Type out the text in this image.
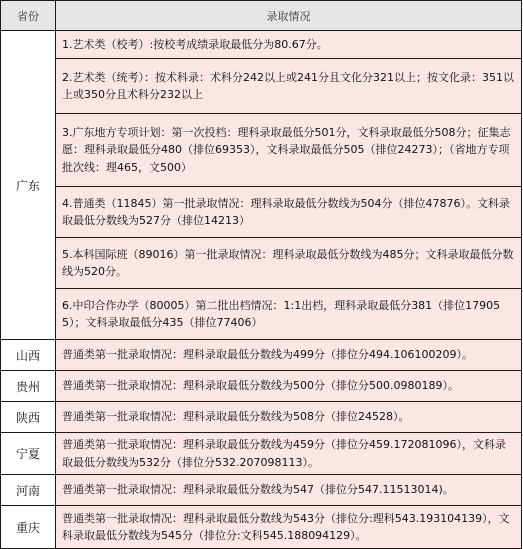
省份	录取情况
广东	1.艺术类（校考）:按校考成绩录取最低分为80.67分。
	2.艺术类（统考）：按术科录：术科分242以上或241分且文化分321以上；按文化录：351以上或350分且术科分232以上
	3.广东地方专项计划：第一次投档：理科录取最低分501分，文科录取最低分508分；征集志愿：理科录取最低分480（排位69353），文科录取最低分505（排位24273）；（省地方专项批次线：理465，文500）
	4.普通类（11845）第一批录取情况：理科录取最低分数线为504分（排位47876）。文科录取最低分数线为527分（排位14213）
	5.本科国际班（89016）第一批录取情况：理科录取最低分数线为485分；文科录取最低分数线为520分。
	6.中印合作办学（80005）第二批出档情况：1:1出档，理科录取最低分381（排位179055）；文科录取最低分435（排位77406）
山西	普通类第一批录取情况：理科录取最低分数线为499分（排位分494.106100209）。
贵州	普通类第一批录取情况：理科录取最低分数线为500分（排位分500.0980189）。
陕西	普通类第一批录取情况：理科录取最低分数线为508分（排位24528）。
宁夏	普通类第一批录取情况：理科录取最低分数线为459分（排位分459.172081096），文科录取最低分数线为532分（排位分532.207098113）。
河南	普通类第一批录取情况：理科录取最低分数线为547（排位分547.11513014)。
重庆	普通类第一批录取情况：理科录取最低分数线为543分（排位分:理科543.193104139），文科录取最低分数线为545分（排位分:文科545.188094129）。
